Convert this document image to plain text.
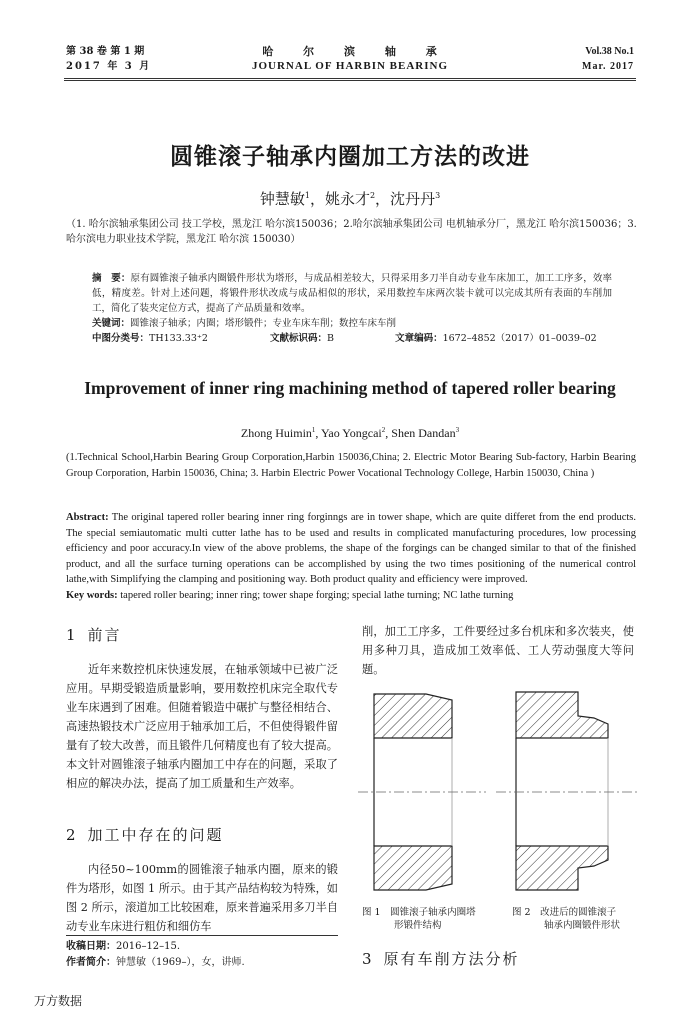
第 38 卷 第 1 期
2017 年 3 月
哈	尔	滨	轴	承
JOURNAL OF HARBIN BEARING
Vol.38 No.1
Mar. 2017
圆锥滚子轴承内圈加工方法的改进
钟慧敏$^1$，姚永才$^2$，沈丹丹$^3$
（1. 哈尔滨轴承集团公司 技工学校，黑龙江 哈尔滨150036；2.哈尔滨轴承集团公司 电机轴承分厂，黑龙江 哈尔滨150036；3. 哈尔滨电力职业技术学院，黑龙江 哈尔滨 150030）
摘　要：原有圆锥滚子轴承内圈锻件形状为塔形，与成品相差较大，只得采用多刀半自动专业车床加工，加工工序多，效率低，精度差。针对上述问题，将锻件形状改成与成品相似的形状，采用数控车床两次装卡就可以完成其所有表面的车削加工，简化了装夹定位方式，提高了产品质量和效率。
关键词：圆锥滚子轴承；内圈；塔形锻件；专业车床车削；数控车床车削
中图分类号：TH133.33⁺2	文献标识码：B	文章编码：1672–4852（2017）01–0039–02
Improvement of inner ring machining method of tapered roller bearing
Zhong Huimin$^1$, Yao Yongcai$^2$, Shen Dandan$^3$
(1.Technical School,Harbin Bearing Group Corporation,Harbin 150036,China; 2. Electric Motor Bearing Sub-factory, Harbin Bearing Group Corporation, Harbin 150036, China; 3. Harbin Electric Power Vocational Technology College, Harbin 150030, China )
Abstract: The original tapered roller bearing inner ring forginngs are in tower shape, which are quite differet from the end products. The special semiautomatic multi cutter lathe has to be used and results in complicated manufacturing procedures, low processing efficiency and poor accuracy.In view of the above problems, the shape of the forgings can be changed similar to that of the finished product, and all the surface turning operations can be accomplished by using the two times positioning of the numerical control lathe,with Simplifying the clamping and positioning way. Both product quality and efficiency were improved.
Key words: tapered roller bearing; inner ring; tower shape forging; special lathe turning; NC lathe turning
1 前言
近年来数控机床快速发展，在轴承领域中已被广泛应用。早期受锻造质量影响，要用数控机床完全取代专业车床遇到了困难。但随着锻造中碾扩与整径相结合、高速热锻技术广泛应用于轴承加工后，不但使得锻件留量有了较大改善，而且锻件几何精度也有了较大提高。本文针对圆锥滚子轴承内圈加工中存在的问题，采取了相应的解决办法，提高了加工质量和生产效率。
2 加工中存在的问题
内径50~100mm的圆锥滚子轴承内圈，原来的锻件为塔形，如图 1 所示。由于其产品结构较为特殊，如图 2 所示，滚道加工比较困难，原来普遍采用多刀半自动专业车床进行粗仿和细仿车
削，加工工序多，工件要经过多台机床和多次装夹，使用多种刀具，造成加工效率低、工人劳动强度大等问题。
图 1　圆锥滚子轴承内圈塔
形锻件结构
图 2　改进后的圆锥滚子
轴承内圈锻件形状
3 原有车削方法分析
收稿日期：2016–12–15.
作者简介：钟慧敏（1969–），女，讲师.
万方数据
